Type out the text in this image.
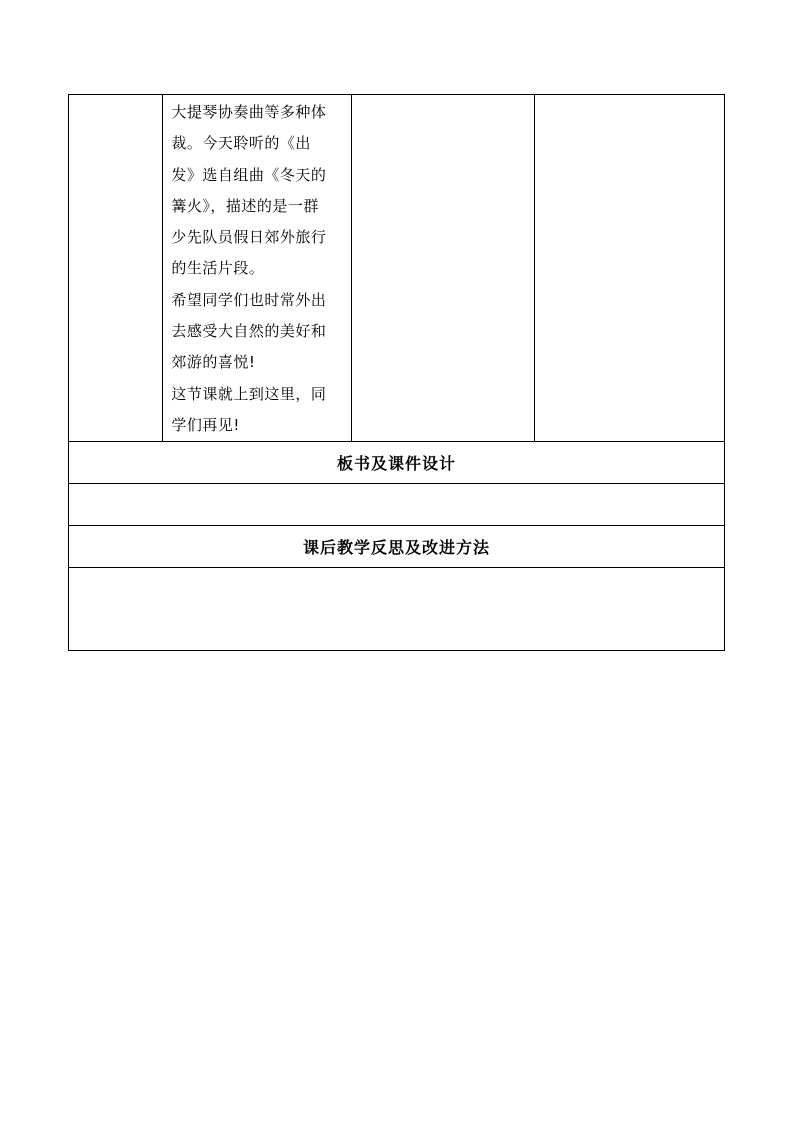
大提琴协奏曲等多种体

裁。今天聆听的《出

发》选自组曲《冬天的

篝火》，描述的是一群

少先队员假日郊外旅行

的生活片段。

希望同学们也时常外出

去感受大自然的美好和

郊游的喜悦!

这节课就上到这里，同

学们再见!

板书及课件设计

课后教学反思及改进方法
